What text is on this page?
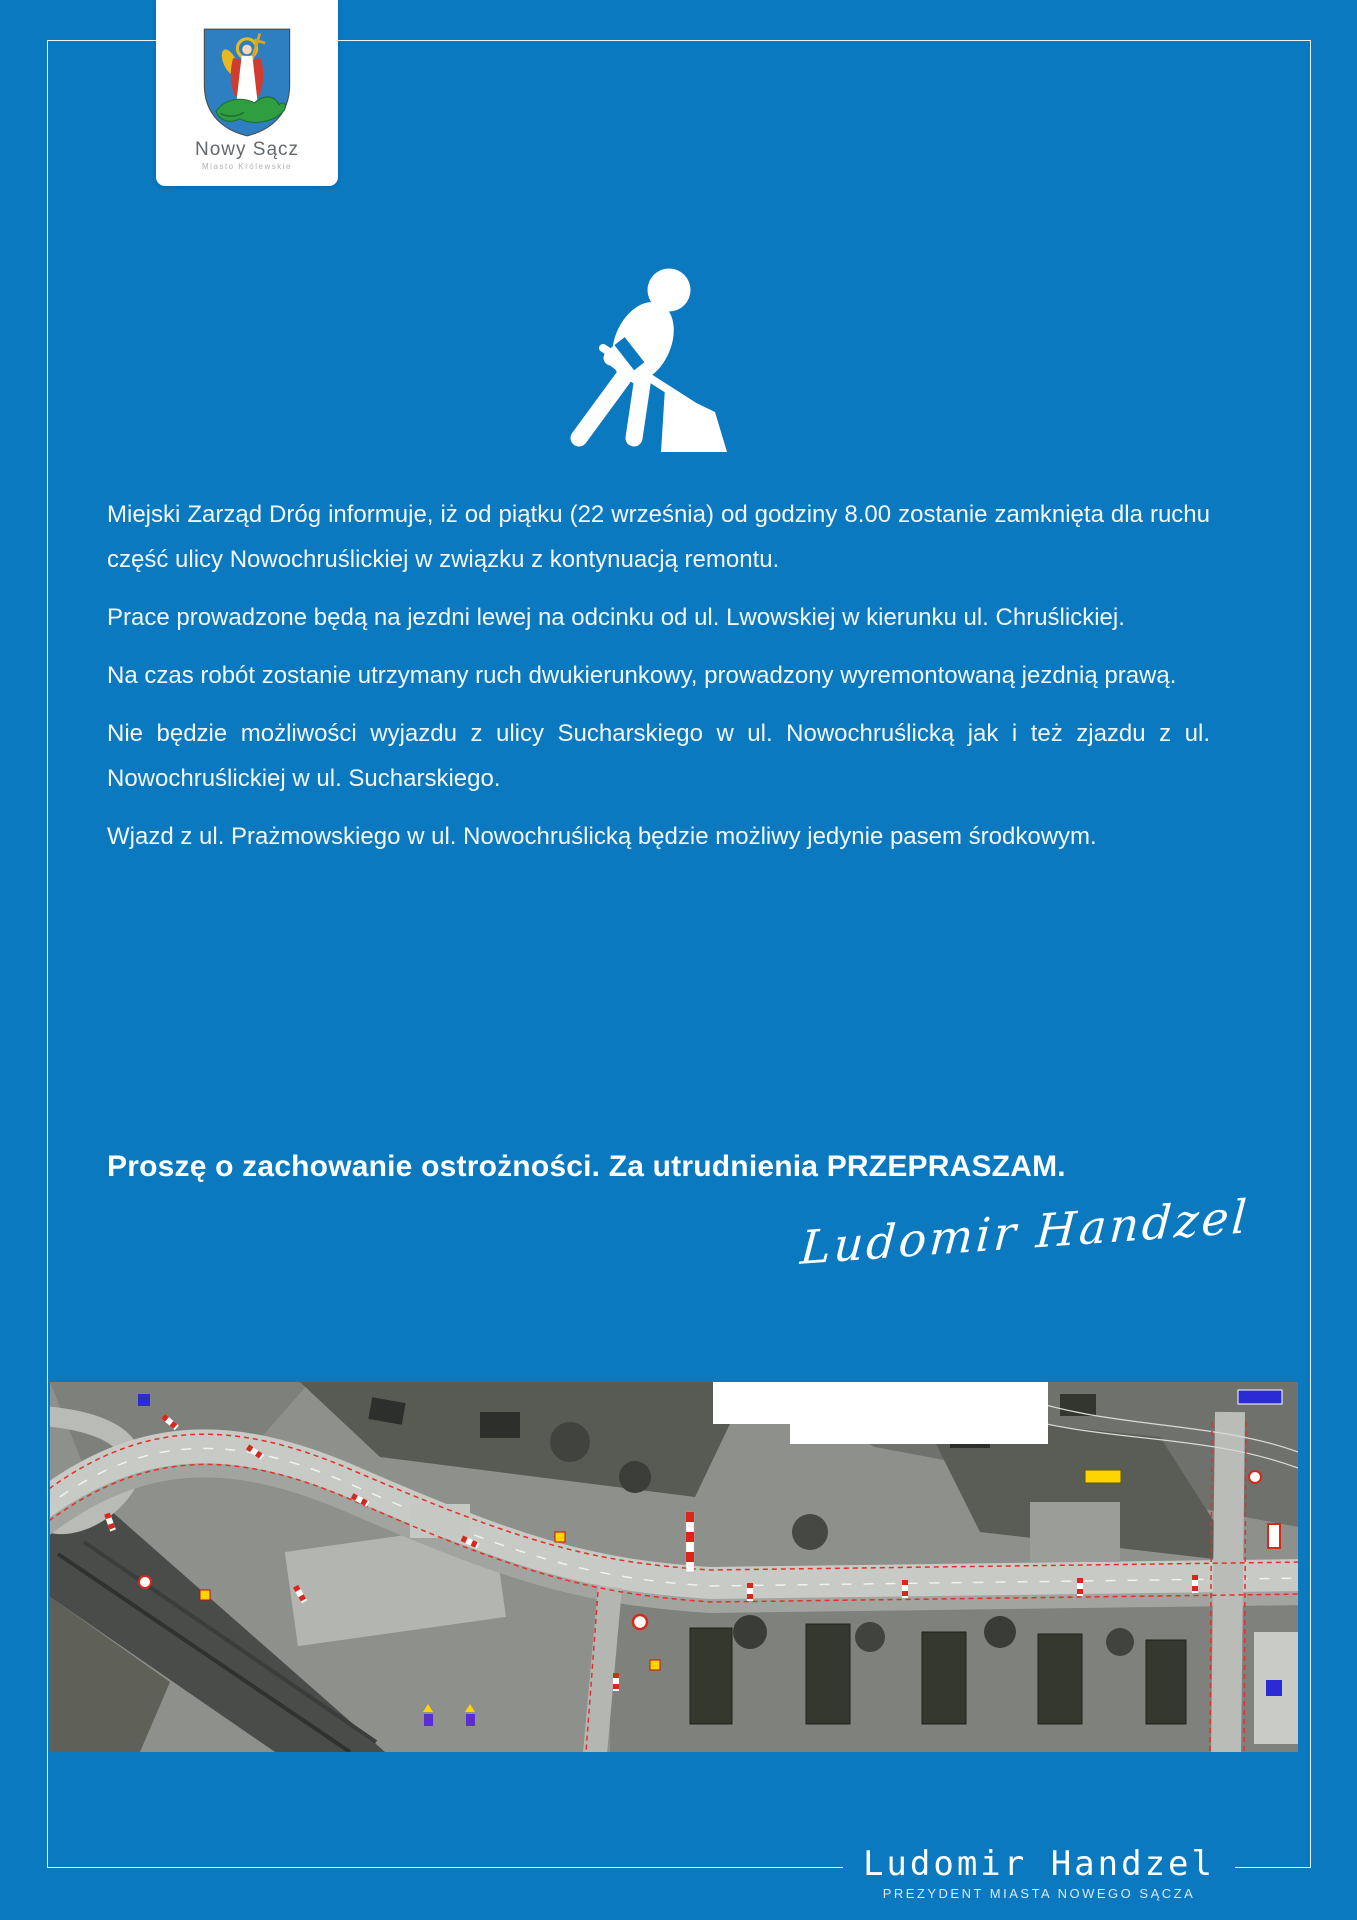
Nowy Sącz
Miasto Królewskie

Miejski Zarząd Dróg informuje, iż od piątku (22 września) od godziny 8.00 zostanie zamknięta dla ruchu część ulicy Nowochruślickiej w związku z kontynuacją remontu.

Prace prowadzone będą na jezdni lewej na odcinku od ul. Lwowskiej w kierunku ul. Chruślickiej.

Na czas robót zostanie utrzymany ruch dwukierunkowy, prowadzony wyremontowaną jezdnią prawą.

Nie będzie możliwości wyjazdu z ulicy Sucharskiego w ul. Nowochruślicką jak i też zjazdu z ul. Nowochruślickiej w ul. Sucharskiego.

Wjazd z ul. Prażmowskiego w ul. Nowochruślicką będzie możliwy jedynie pasem środkowym.

Proszę o zachowanie ostrożności. Za utrudnienia PRZEPRASZAM.
Ludomir Handzel
Ludomir Handzel
PREZYDENT MIASTA NOWEGO SĄCZA
